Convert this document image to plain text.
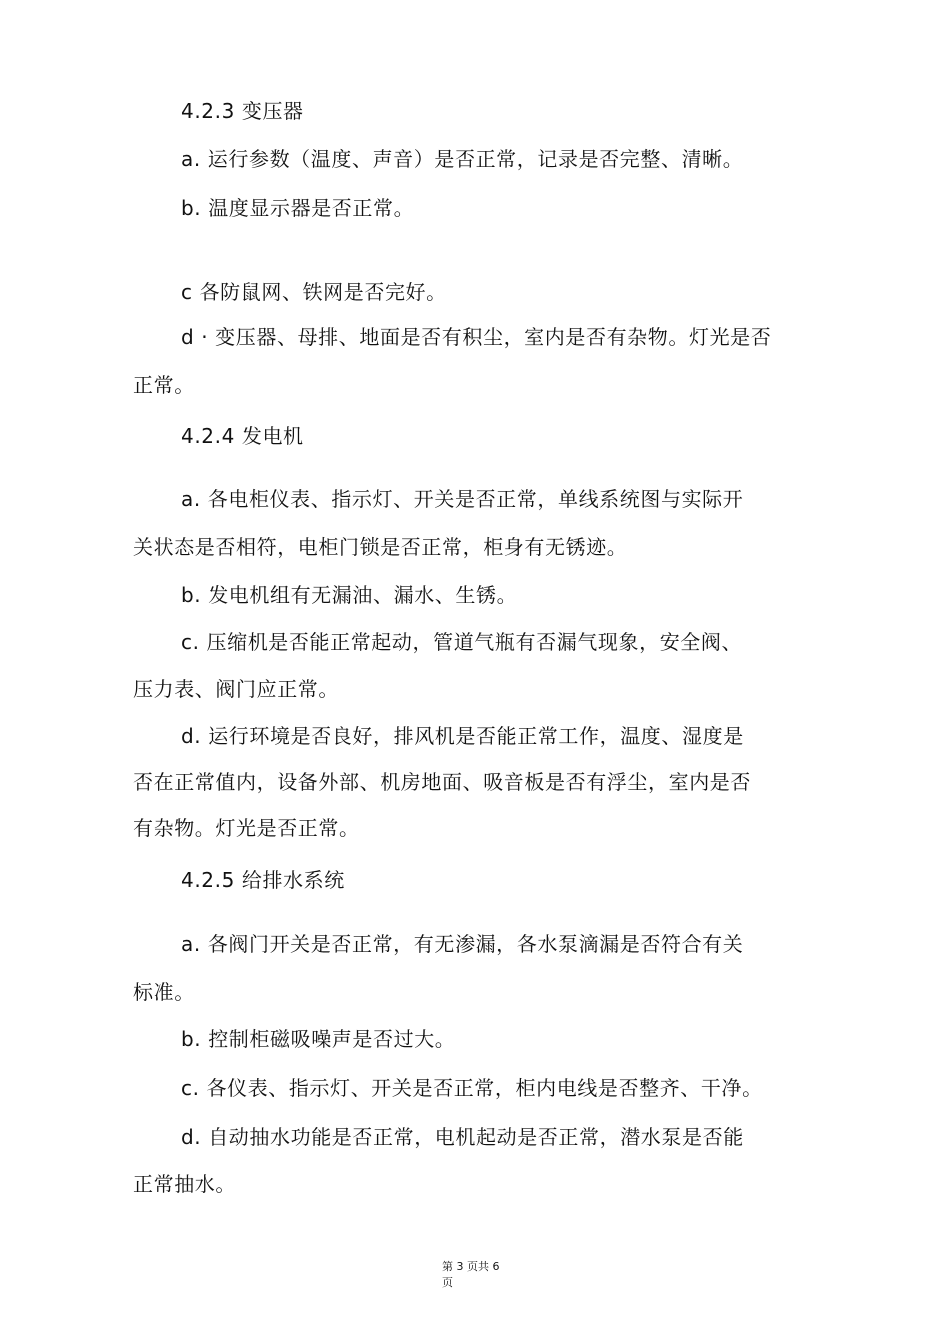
4.2.3 变压器
a. 运行参数（温度、声音）是否正常，记录是否完整、清晰。
b. 温度显示器是否正常。
c 各防鼠网、铁网是否完好。
d · 变压器、母排、地面是否有积尘，室内是否有杂物。灯光是否
正常。
4.2.4 发电机
a. 各电柜仪表、指示灯、开关是否正常，单线系统图与实际开
关状态是否相符，电柜门锁是否正常，柜身有无锈迹。
b. 发电机组有无漏油、漏水、生锈。
c. 压缩机是否能正常起动，管道气瓶有否漏气现象，安全阀、
压力表、阀门应正常。
d. 运行环境是否良好，排风机是否能正常工作，温度、湿度是
否在正常值内，设备外部、机房地面、吸音板是否有浮尘，室内是否
有杂物。灯光是否正常。
4.2.5 给排水系统
a. 各阀门开关是否正常，有无渗漏，各水泵滴漏是否符合有关
标准。
b. 控制柜磁吸噪声是否过大。
c. 各仪表、指示灯、开关是否正常，柜内电线是否整齐、干净。
d. 自动抽水功能是否正常，电机起动是否正常，潜水泵是否能
正常抽水。
第 3 页共 6
页
